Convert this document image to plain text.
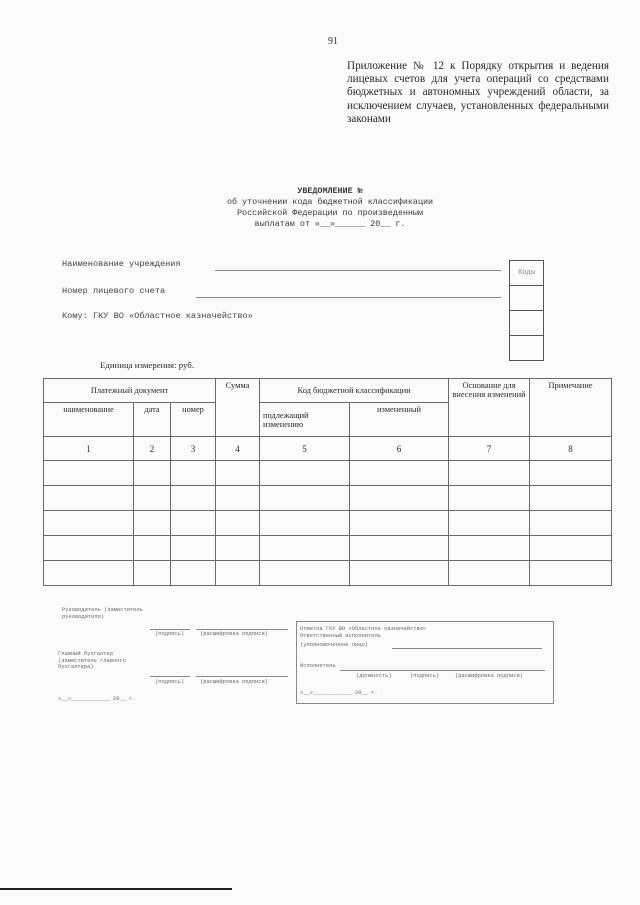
91
Приложение № 12 к Порядку открытия и ведения лицевых счетов для учета операций со средствами бюджетных и автономных учреждений области, за исключением случаев, установленных федеральными законами
УВЕДОМЛЕНИЕ №
об уточнении кода бюджетной классификации
Российской Федерации по произведенным
выплатам от «__»______ 20__ г.
Наименование учреждения
Номер лицевого счета
Кому: ГКУ ВО «Областное казначейство»
Коды
Единица измерения: руб.
Платежный документ			Сумма	Код бюджетной классификации		Основание для внесения изменений	Примечание
наименование	дата	номер		подлежащий изменению	измененный		
1	2	3	4	5	6	7	8

Руководитель (заместитель руководителя)
(подпись)	(расшифровка подписи)
Главный бухгалтер (заместитель главного бухгалтера)
(подпись)	(расшифровка подписи)
«__»____________ 20__ г.
Отметка ГКУ ВО «Областное казначейство»
Ответственный исполнитель
(уполномоченное лицо)
Исполнитель
(должность)	(подпись)	(расшифровка подписи)
«__»____________ 20__ г.
